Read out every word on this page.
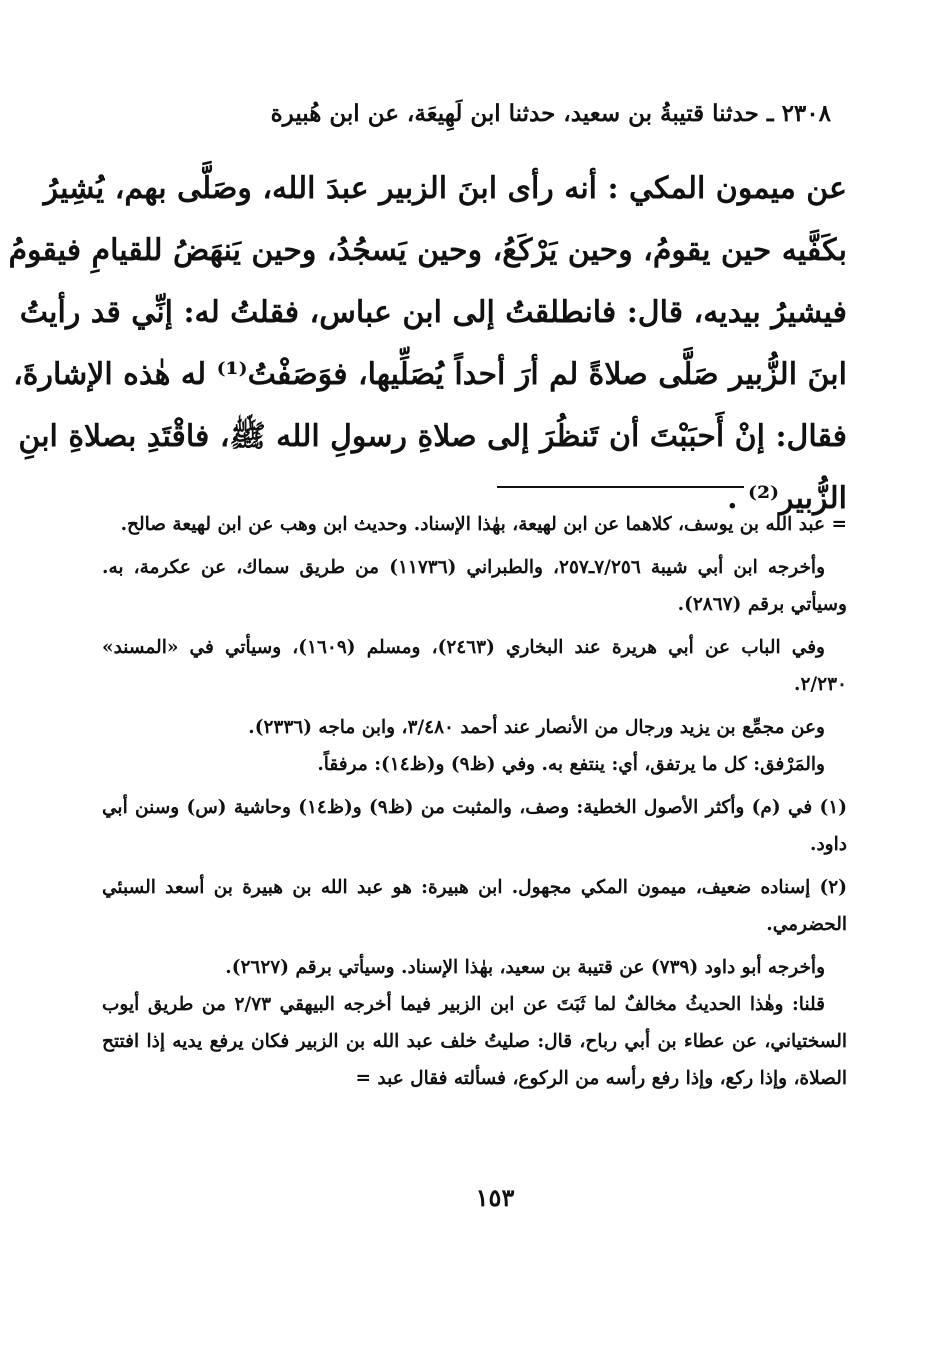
٢٣٠٨ ـ حدثنا قتيبةُ بن سعيد، حدثنا ابن لَهِيعَة، عن ابن هُبيرة
عن ميمون المكي : أنه رأى ابنَ الزبير عبدَ الله، وصَلَّى بهم، يُشِيرُ
بكَفَّيه حين يقومُ، وحين يَرْكَعُ، وحين يَسجُدُ، وحين يَنهَضُ للقيامِ فيقومُ
فيشيرُ بيديه، قال: فانطلقتُ إلى ابن عباس، فقلتُ له: إنِّي قد رأيتُ
ابنَ الزُّبير صَلَّى صلاةً لم أرَ أحداً يُصَلِّيها، فوَصَفْتُ⁽¹⁾ له هٰذه الإشارةَ،
فقال: إنْ أَحبَبْتَ أن تَنظُرَ إلى صلاةِ رسولِ الله ﷺ، فاقْتَدِ بصلاةِ ابنِ
الزُّبير⁽²⁾ .

= عبد الله بن يوسف، كلاهما عن ابن لهيعة، بهٰذا الإسناد. وحديث ابن وهب عن ابن لهيعة صالح.

وأخرجه ابن أبي شيبة ٧/٢٥٦ـ٢٥٧، والطبراني (١١٧٣٦) من طريق سماك، عن عكرمة، به. وسيأتي برقم (٢٨٦٧).

وفي الباب عن أبي هريرة عند البخاري (٢٤٦٣)، ومسلم (١٦٠٩)، وسيأتي في «المسند» ٢/٢٣٠.

وعن مجمِّع بن يزيد ورجال من الأنصار عند أحمد ٣/٤٨٠، وابن ماجه (٢٣٣٦).

والمَرْفق: كل ما يرتفق، أي: ينتفع به. وفي (ظ٩) و(ظ١٤): مرفقاً.

(١) في (م) وأكثر الأصول الخطية: وصف، والمثبت من (ظ٩) و(ظ١٤) وحاشية (س) وسنن أبي داود.

(٢) إسناده ضعيف، ميمون المكي مجهول. ابن هبيرة: هو عبد الله بن هبيرة بن أسعد السبئي الحضرمي.

وأخرجه أبو داود (٧٣٩) عن قتيبة بن سعيد، بهٰذا الإسناد. وسيأتي برقم (٢٦٢٧).

قلنا: وهٰذا الحديثُ مخالفٌ لما ثَبَتَ عن ابن الزبير فيما أخرجه البيهقي ٢/٧٣ من طريق أيوب السختياني، عن عطاء بن أبي رباح، قال: صليتُ خلف عبد الله بن الزبير فكان يرفع يديه إذا افتتح الصلاة، وإذا ركع، وإذا رفع رأسه من الركوع، فسألته فقال عبد =

١٥٣
